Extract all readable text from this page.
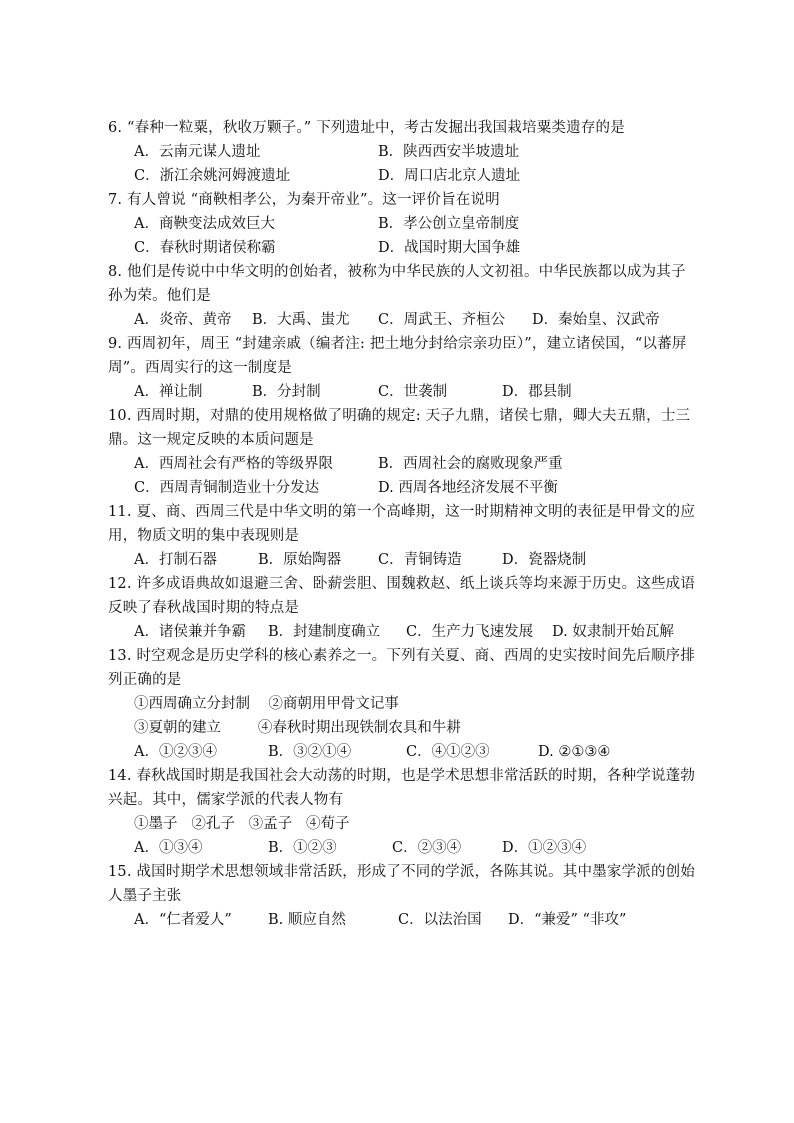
6. “春种一粒粟，秋收万颗子。” 下列遗址中，考古发掘出我国栽培粟类遗存的是
A．云南元谋人遗址	B．陕西西安半坡遗址
C．浙江余姚河姆渡遗址	D．周口店北京人遗址
7. 有人曾说 “商鞅相孝公，为秦开帝业”。这一评价旨在说明
A．商鞅变法成效巨大	B．孝公创立皇帝制度
C．春秋时期诸侯称霸	D．战国时期大国争雄
8. 他们是传说中中华文明的创始者，被称为中华民族的人文初祖。中华民族都以成为其子
孙为荣。他们是
A．炎帝、黄帝 B．大禹、蚩尤 C．周武王、齐桓公 D．秦始皇、汉武帝
9. 西周初年，周王 “封建亲戚（编者注: 把土地分封给宗亲功臣）”，建立诸侯国，“以蕃屏
周”。西周实行的这一制度是
A．禅让制	B．分封制	C．世袭制	D．郡县制
10. 西周时期，对鼎的使用规格做了明确的规定: 天子九鼎，诸侯七鼎，卿大夫五鼎，士三
鼎。这一规定反映的本质问题是
A．西周社会有严格的等级界限	B．西周社会的腐败现象严重
C．西周青铜制造业十分发达	D. 西周各地经济发展不平衡
11. 夏、商、西周三代是中华文明的第一个高峰期，这一时期精神文明的表征是甲骨文的应
用，物质文明的集中表现则是
A．打制石器	B．原始陶器	C．青铜铸造	D．瓷器烧制
12. 许多成语典故如退避三舍、卧薪尝胆、围魏救赵、纸上谈兵等均来源于历史。这些成语
反映了春秋战国时期的特点是
A．诸侯兼并争霸 B．封建制度确立 C．生产力飞速发展 D. 奴隶制开始瓦解
13. 时空观念是历史学科的核心素养之一。下列有关夏、商、西周的史实按时间先后顺序排
列正确的是
①西周确立分封制    ②商朝用甲骨文记事
③夏朝的建立        ④春秋时期出现铁制农具和牛耕
A．①②③④	B．③②①④	C．④①②③	D. ②①③④
14. 春秋战国时期是我国社会大动荡的时期，也是学术思想非常活跃的时期，各种学说蓬勃
兴起。其中，儒家学派的代表人物有
①墨子   ②孔子   ③孟子   ④荀子
A．①③④	B．①②③	C．②③④	D．①②③④
15. 战国时期学术思想领域非常活跃，形成了不同的学派，各陈其说。其中墨家学派的创始
人墨子主张
A．“仁者爱人” B. 顺应自然	C．以法治国 D．“兼爱” “非攻”
